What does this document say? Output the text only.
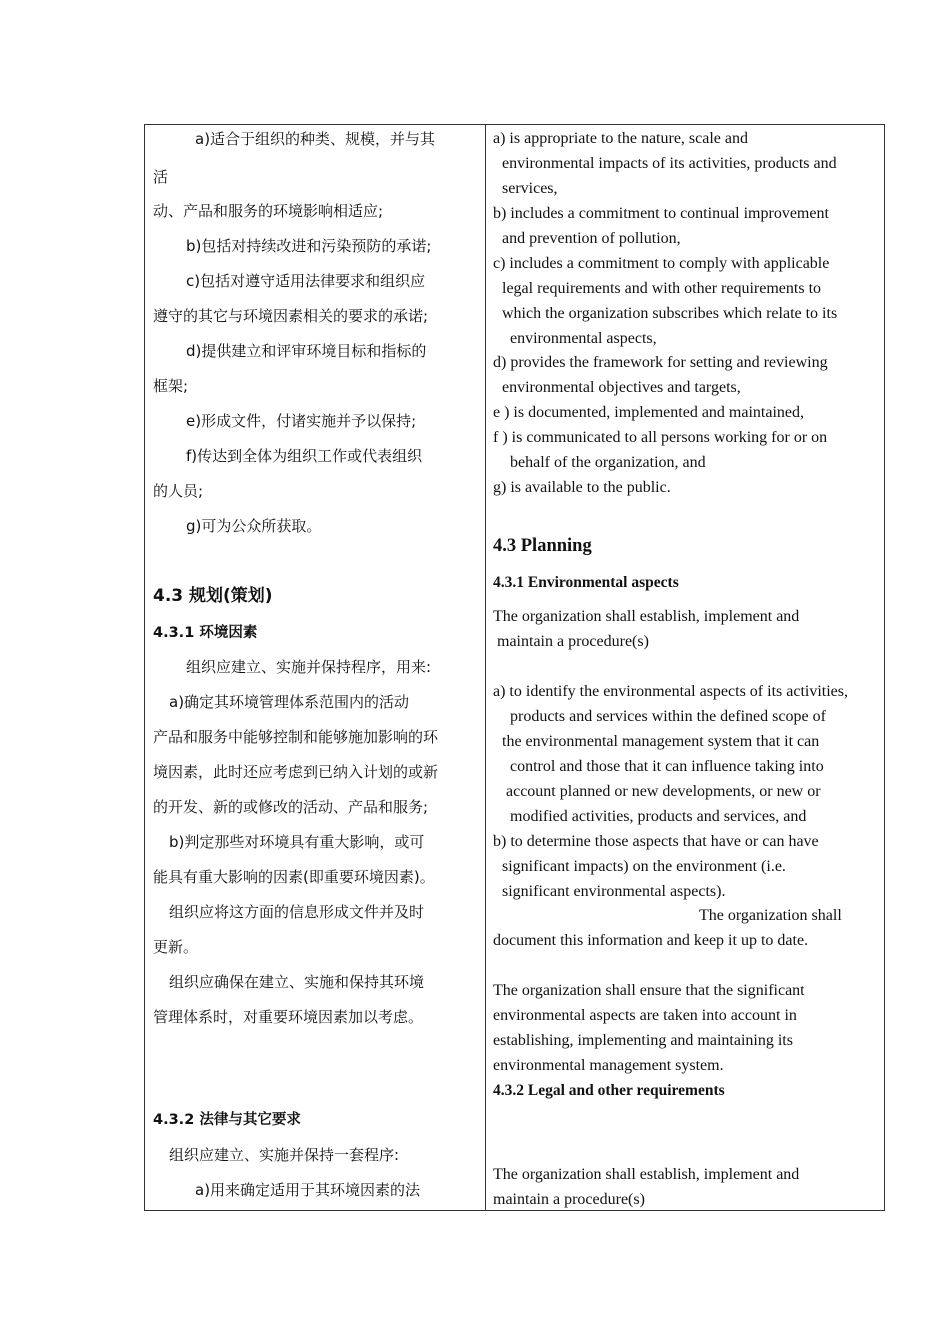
a)适合于组织的种类、规模，并与其
活
动、产品和服务的环境影响相适应;
b)包括对持续改进和污染预防的承诺;
c)包括对遵守适用法律要求和组织应
遵守的其它与环境因素相关的要求的承诺;
d)提供建立和评审环境目标和指标的
框架;
e)形成文件，付诸实施并予以保持;
f)传达到全体为组织工作或代表组织
的人员;
g)可为公众所获取。
4.3 规划(策划)
4.3.1 环境因素
组织应建立、实施并保持程序，用来:
a)确定其环境管理体系范围内的活动
产品和服务中能够控制和能够施加影响的环
境因素，此时还应考虑到已纳入计划的或新
的开发、新的或修改的活动、产品和服务;
b)判定那些对环境具有重大影响，或可
能具有重大影响的因素(即重要环境因素)。
组织应将这方面的信息形成文件并及时
更新。
组织应确保在建立、实施和保持其环境
管理体系时，对重要环境因素加以考虑。
4.3.2 法律与其它要求
组织应建立、实施并保持一套程序:
a)用来确定适用于其环境因素的法
a) is appropriate to the nature, scale and
environmental impacts of its activities, products and
services,
b) includes a commitment to continual improvement
and prevention of pollution,
c) includes a commitment to comply with applicable
legal requirements and with other requirements to
which the organization subscribes which relate to its
environmental aspects,
d) provides the framework for setting and reviewing
environmental objectives and targets,
e ) is documented, implemented and maintained,
f ) is communicated to all persons working for or on
behalf of the organization, and
g) is available to the public.
4.3 Planning
4.3.1 Environmental aspects
The organization shall establish, implement and
maintain a procedure(s)
a) to identify the environmental aspects of its activities,
products and services within the defined scope of
the environmental management system that it can
control and those that it can influence taking into
account planned or new developments, or new or
modified activities, products and services, and
b) to determine those aspects that have or can have
significant impacts) on the environment (i.e.
significant environmental aspects).
The organization shall
document this information and keep it up to date.
The organization shall ensure that the significant
environmental aspects are taken into account in
establishing, implementing and maintaining its
environmental management system.
4.3.2 Legal and other requirements
The organization shall establish, implement and
maintain a procedure(s)
